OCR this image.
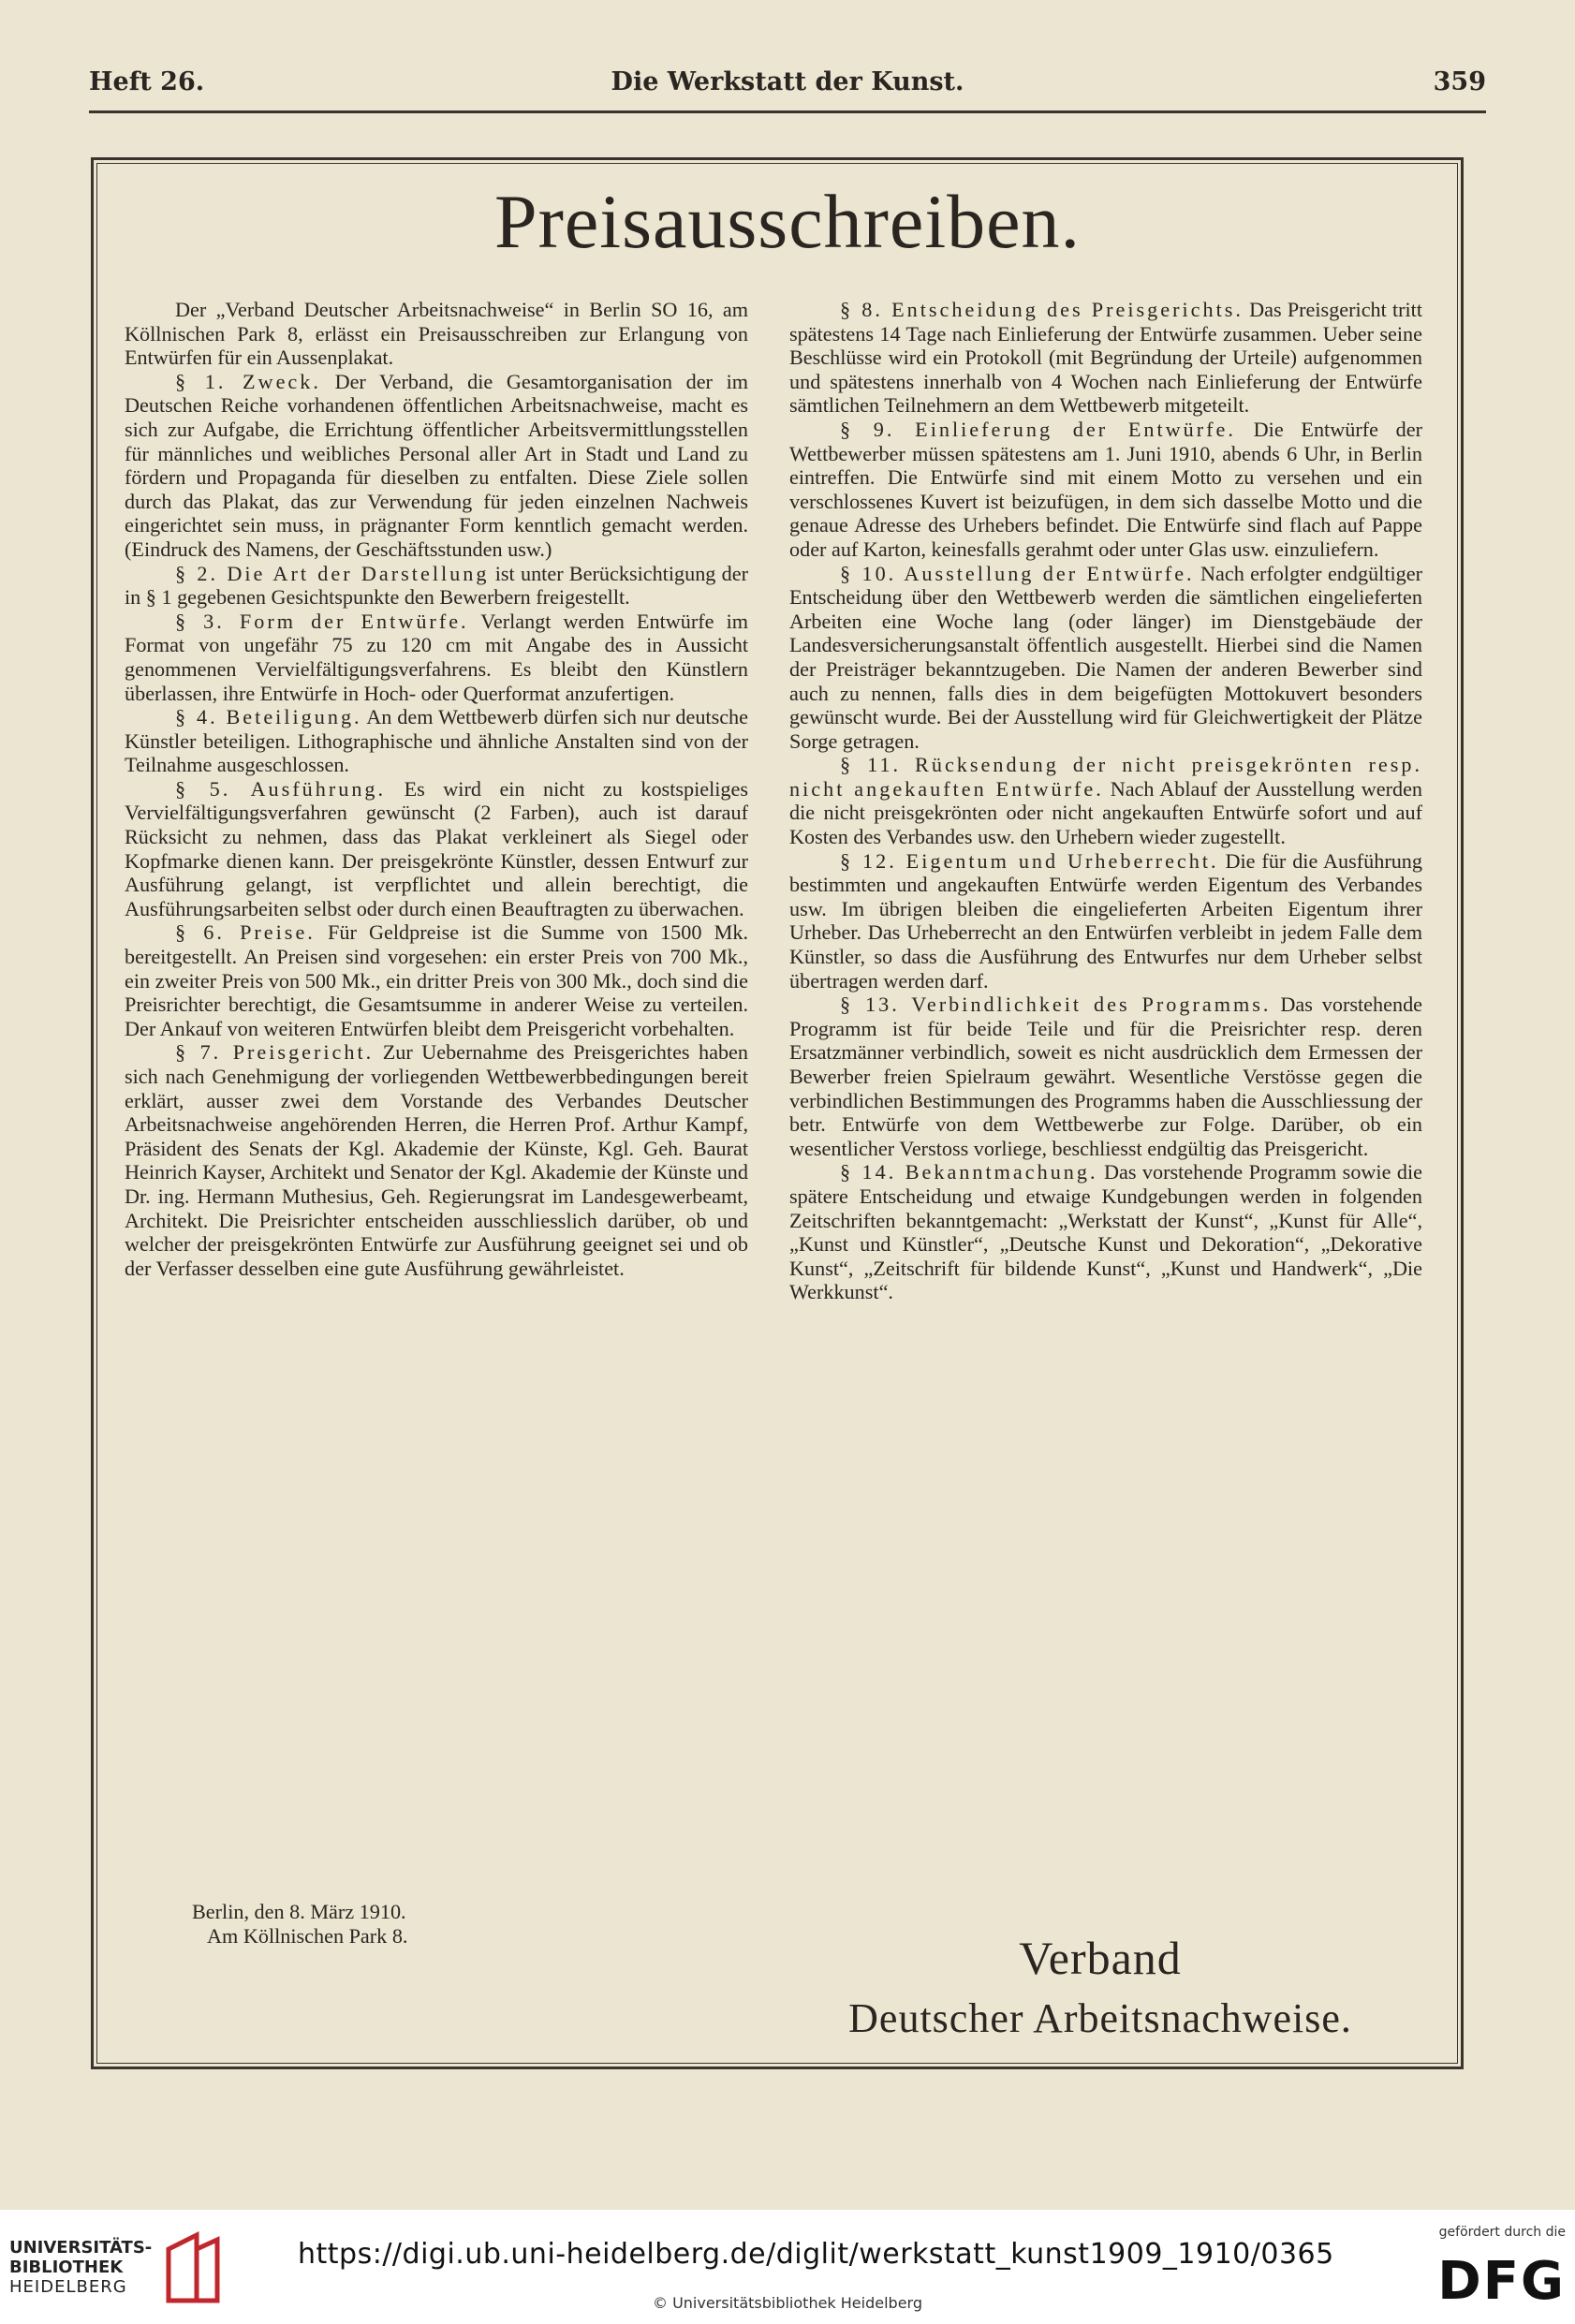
Heft 26.	Die Werkstatt der Kunst.	359
Preisausschreiben.

Der „Verband Deutscher Arbeitsnachweise“ in Berlin SO 16, am Köllnischen Park 8, erlässt ein Preisausschreiben zur Erlangung von Entwürfen für ein Aussenplakat.

§ 1. Zweck. Der Verband, die Gesamtorganisation der im Deutschen Reiche vorhandenen öffentlichen Arbeitsnachweise, macht es sich zur Aufgabe, die Errichtung öffentlicher Arbeitsvermittlungsstellen für männliches und weibliches Personal aller Art in Stadt und Land zu fördern und Propaganda für dieselben zu entfalten. Diese Ziele sollen durch das Plakat, das zur Verwendung für jeden einzelnen Nachweis eingerichtet sein muss, in prägnanter Form kenntlich gemacht werden. (Eindruck des Namens, der Geschäftsstunden usw.)

§ 2. Die Art der Darstellung ist unter Berücksichtigung der in § 1 gegebenen Gesichtspunkte den Bewerbern freigestellt.

§ 3. Form der Entwürfe. Verlangt werden Entwürfe im Format von ungefähr 75 zu 120 cm mit Angabe des in Aussicht genommenen Vervielfältigungsverfahrens. Es bleibt den Künstlern überlassen, ihre Entwürfe in Hoch- oder Querformat anzufertigen.

§ 4. Beteiligung. An dem Wettbewerb dürfen sich nur deutsche Künstler beteiligen. Lithographische und ähnliche Anstalten sind von der Teilnahme ausgeschlossen.

§ 5. Ausführung. Es wird ein nicht zu kostspieliges Vervielfältigungsverfahren gewünscht (2 Farben), auch ist darauf Rücksicht zu nehmen, dass das Plakat verkleinert als Siegel oder Kopfmarke dienen kann. Der preisgekrönte Künstler, dessen Entwurf zur Ausführung gelangt, ist verpflichtet und allein berechtigt, die Ausführungsarbeiten selbst oder durch einen Beauftragten zu überwachen.

§ 6. Preise. Für Geldpreise ist die Summe von 1500 Mk. bereitgestellt. An Preisen sind vorgesehen: ein erster Preis von 700 Mk., ein zweiter Preis von 500 Mk., ein dritter Preis von 300 Mk., doch sind die Preisrichter berechtigt, die Gesamtsumme in anderer Weise zu verteilen. Der Ankauf von weiteren Entwürfen bleibt dem Preisgericht vorbehalten.

§ 7. Preisgericht. Zur Uebernahme des Preisgerichtes haben sich nach Genehmigung der vorliegenden Wettbewerbbedingungen bereit erklärt, ausser zwei dem Vorstande des Verbandes Deutscher Arbeitsnachweise angehörenden Herren, die Herren Prof. Arthur Kampf, Präsident des Senats der Kgl. Akademie der Künste, Kgl. Geh. Baurat Heinrich Kayser, Architekt und Senator der Kgl. Akademie der Künste und Dr. ing. Hermann Muthesius, Geh. Regierungsrat im Landesgewerbeamt, Architekt. Die Preisrichter entscheiden ausschliesslich darüber, ob und welcher der preisgekrönten Entwürfe zur Ausführung geeignet sei und ob der Verfasser desselben eine gute Ausführung gewährleistet.

§ 8. Entscheidung des Preisgerichts. Das Preisgericht tritt spätestens 14 Tage nach Einlieferung der Entwürfe zusammen. Ueber seine Beschlüsse wird ein Protokoll (mit Begründung der Urteile) aufgenommen und spätestens innerhalb von 4 Wochen nach Einlieferung der Entwürfe sämtlichen Teilnehmern an dem Wettbewerb mitgeteilt.

§ 9. Einlieferung der Entwürfe. Die Entwürfe der Wettbewerber müssen spätestens am 1. Juni 1910, abends 6 Uhr, in Berlin eintreffen. Die Entwürfe sind mit einem Motto zu versehen und ein verschlossenes Kuvert ist beizufügen, in dem sich dasselbe Motto und die genaue Adresse des Urhebers befindet. Die Entwürfe sind flach auf Pappe oder auf Karton, keinesfalls gerahmt oder unter Glas usw. einzuliefern.

§ 10. Ausstellung der Entwürfe. Nach erfolgter endgültiger Entscheidung über den Wettbewerb werden die sämtlichen eingelieferten Arbeiten eine Woche lang (oder länger) im Dienstgebäude der Landesversicherungsanstalt öffentlich ausgestellt. Hierbei sind die Namen der Preisträger bekanntzugeben. Die Namen der anderen Bewerber sind auch zu nennen, falls dies in dem beigefügten Mottokuvert besonders gewünscht wurde. Bei der Ausstellung wird für Gleichwertigkeit der Plätze Sorge getragen.

§ 11. Rücksendung der nicht preisgekrönten resp. nicht angekauften Entwürfe. Nach Ablauf der Ausstellung werden die nicht preisgekrönten oder nicht angekauften Entwürfe sofort und auf Kosten des Verbandes usw. den Urhebern wieder zugestellt.

§ 12. Eigentum und Urheberrecht. Die für die Ausführung bestimmten und angekauften Entwürfe werden Eigentum des Verbandes usw. Im übrigen bleiben die eingelieferten Arbeiten Eigentum ihrer Urheber. Das Urheberrecht an den Entwürfen verbleibt in jedem Falle dem Künstler, so dass die Ausführung des Entwurfes nur dem Urheber selbst übertragen werden darf.

§ 13. Verbindlichkeit des Programms. Das vorstehende Programm ist für beide Teile und für die Preisrichter resp. deren Ersatzmänner verbindlich, soweit es nicht ausdrücklich dem Ermessen der Bewerber freien Spielraum gewährt. Wesentliche Verstösse gegen die verbindlichen Bestimmungen des Programms haben die Ausschliessung der betr. Entwürfe von dem Wettbewerbe zur Folge. Darüber, ob ein wesentlicher Verstoss vorliege, beschliesst endgültig das Preisgericht.

§ 14. Bekanntmachung. Das vorstehende Programm sowie die spätere Entscheidung und etwaige Kundgebungen werden in folgenden Zeitschriften bekanntgemacht: „Werkstatt der Kunst“, „Kunst für Alle“, „Kunst und Künstler“, „Deutsche Kunst und Dekoration“, „Dekorative Kunst“, „Zeitschrift für bildende Kunst“, „Kunst und Handwerk“, „Die Werkkunst“.

Berlin, den 8. März 1910.
Am Köllnischen Park 8.	Verband
Deutscher Arbeitsnachweise.
UNIVERSITÄTS-
BIBLIOTHEK
HEIDELBERG
https://digi.ub.uni-heidelberg.de/diglit/werkstatt_kunst1909_1910/0365
© Universitätsbibliothek Heidelberg
gefördert durch die
DFG
